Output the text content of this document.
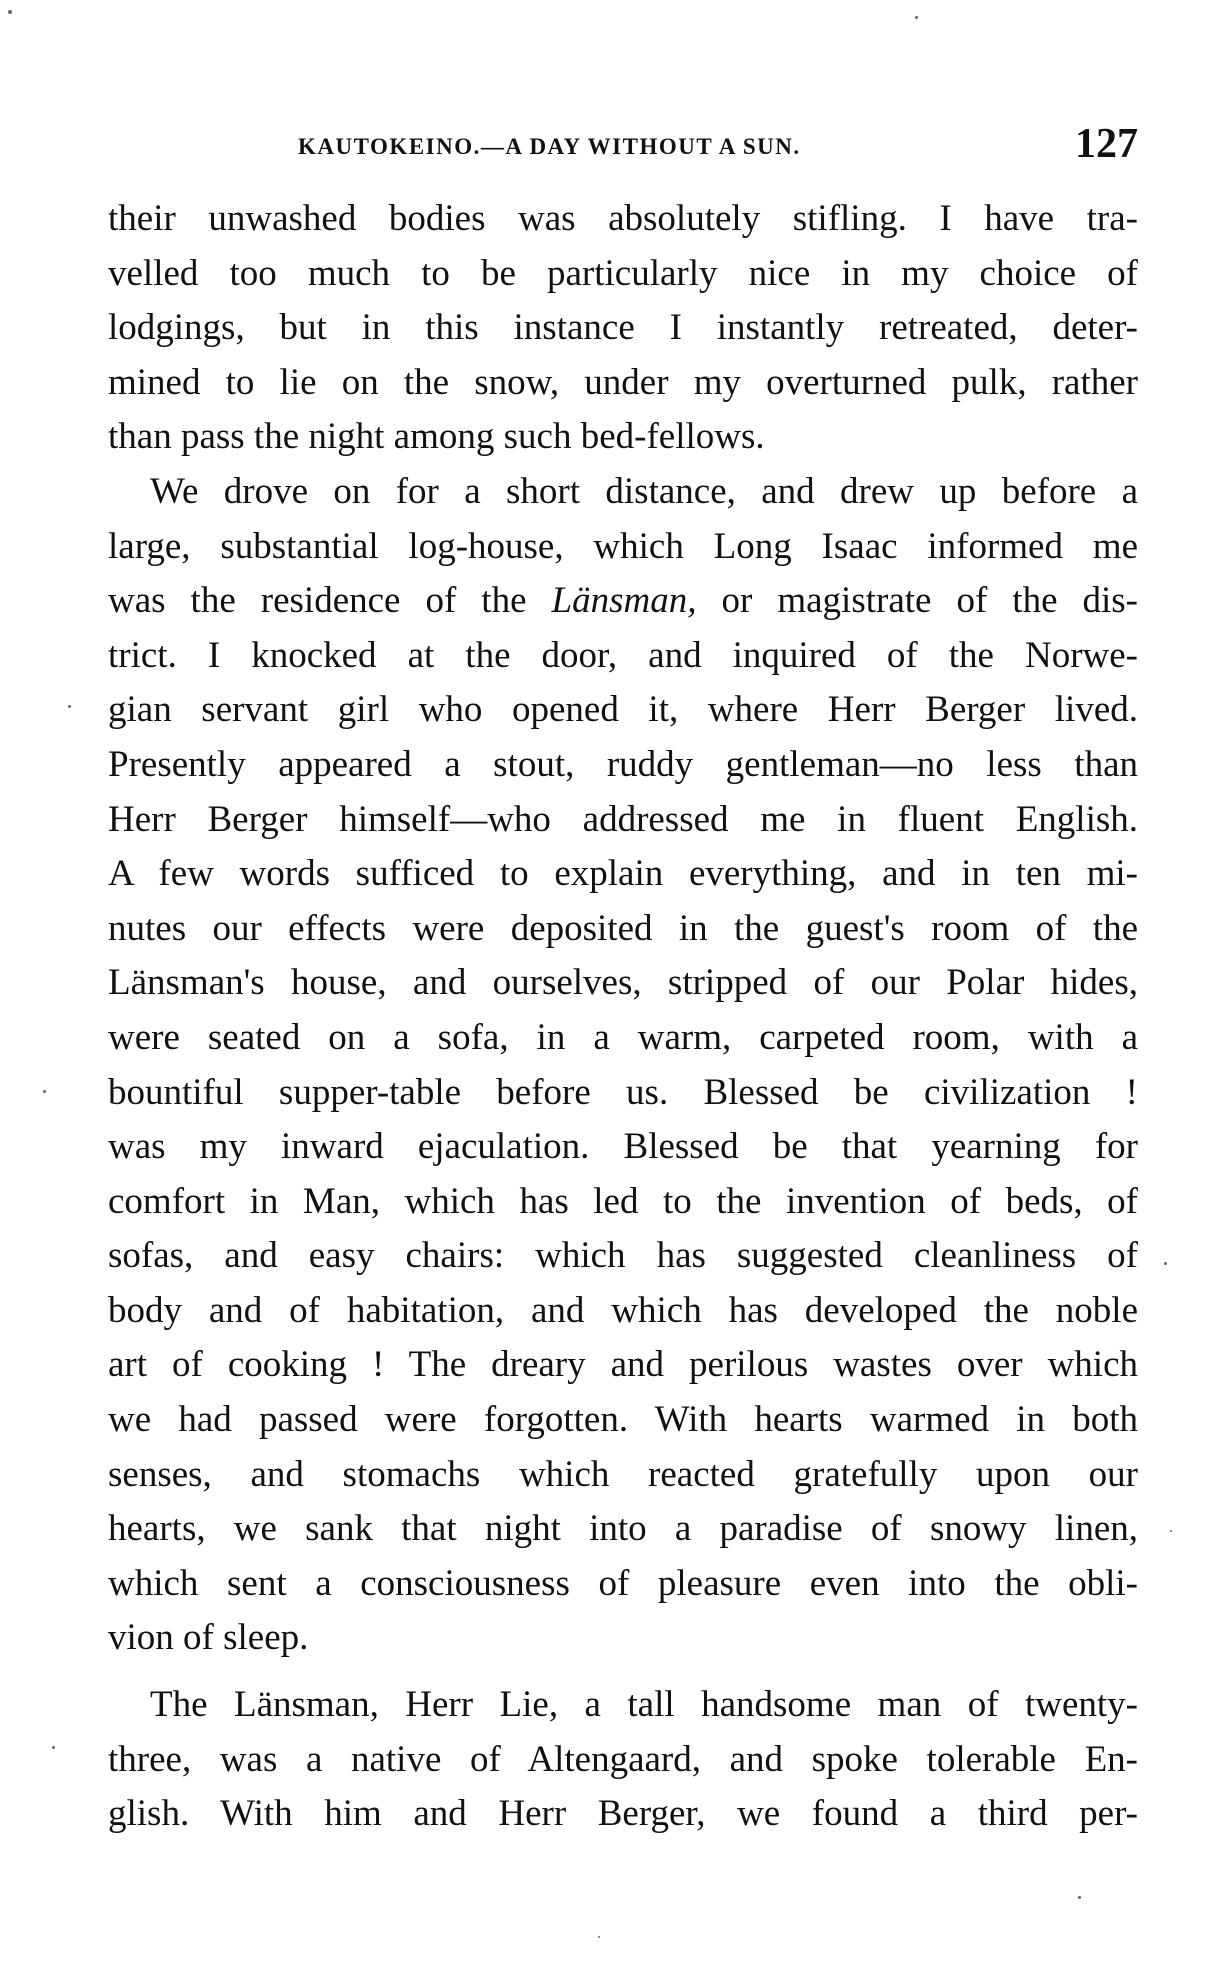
KAUTOKEINO.—A DAY WITHOUT A SUN.	127
their unwashed bodies was absolutely stifling. I have tra-
velled too much to be particularly nice in my choice of
lodgings, but in this instance I instantly retreated, deter-
mined to lie on the snow, under my overturned pulk, rather
than pass the night among such bed-fellows.
We drove on for a short distance, and drew up before a
large, substantial log-house, which Long Isaac informed me
was the residence of the Länsman, or magistrate of the dis-
trict. I knocked at the door, and inquired of the Norwe-
gian servant girl who opened it, where Herr Berger lived.
Presently appeared a stout, ruddy gentleman—no less than
Herr Berger himself—who addressed me in fluent English.
A few words sufficed to explain everything, and in ten mi-
nutes our effects were deposited in the guest's room of the
Länsman's house, and ourselves, stripped of our Polar hides,
were seated on a sofa, in a warm, carpeted room, with a
bountiful supper-table before us. Blessed be civilization !
was my inward ejaculation. Blessed be that yearning for
comfort in Man, which has led to the invention of beds, of
sofas, and easy chairs: which has suggested cleanliness of
body and of habitation, and which has developed the noble
art of cooking ! The dreary and perilous wastes over which
we had passed were forgotten. With hearts warmed in both
senses, and stomachs which reacted gratefully upon our
hearts, we sank that night into a paradise of snowy linen,
which sent a consciousness of pleasure even into the obli-
vion of sleep.
The Länsman, Herr Lie, a tall handsome man of twenty-
three, was a native of Altengaard, and spoke tolerable En-
glish. With him and Herr Berger, we found a third per-
